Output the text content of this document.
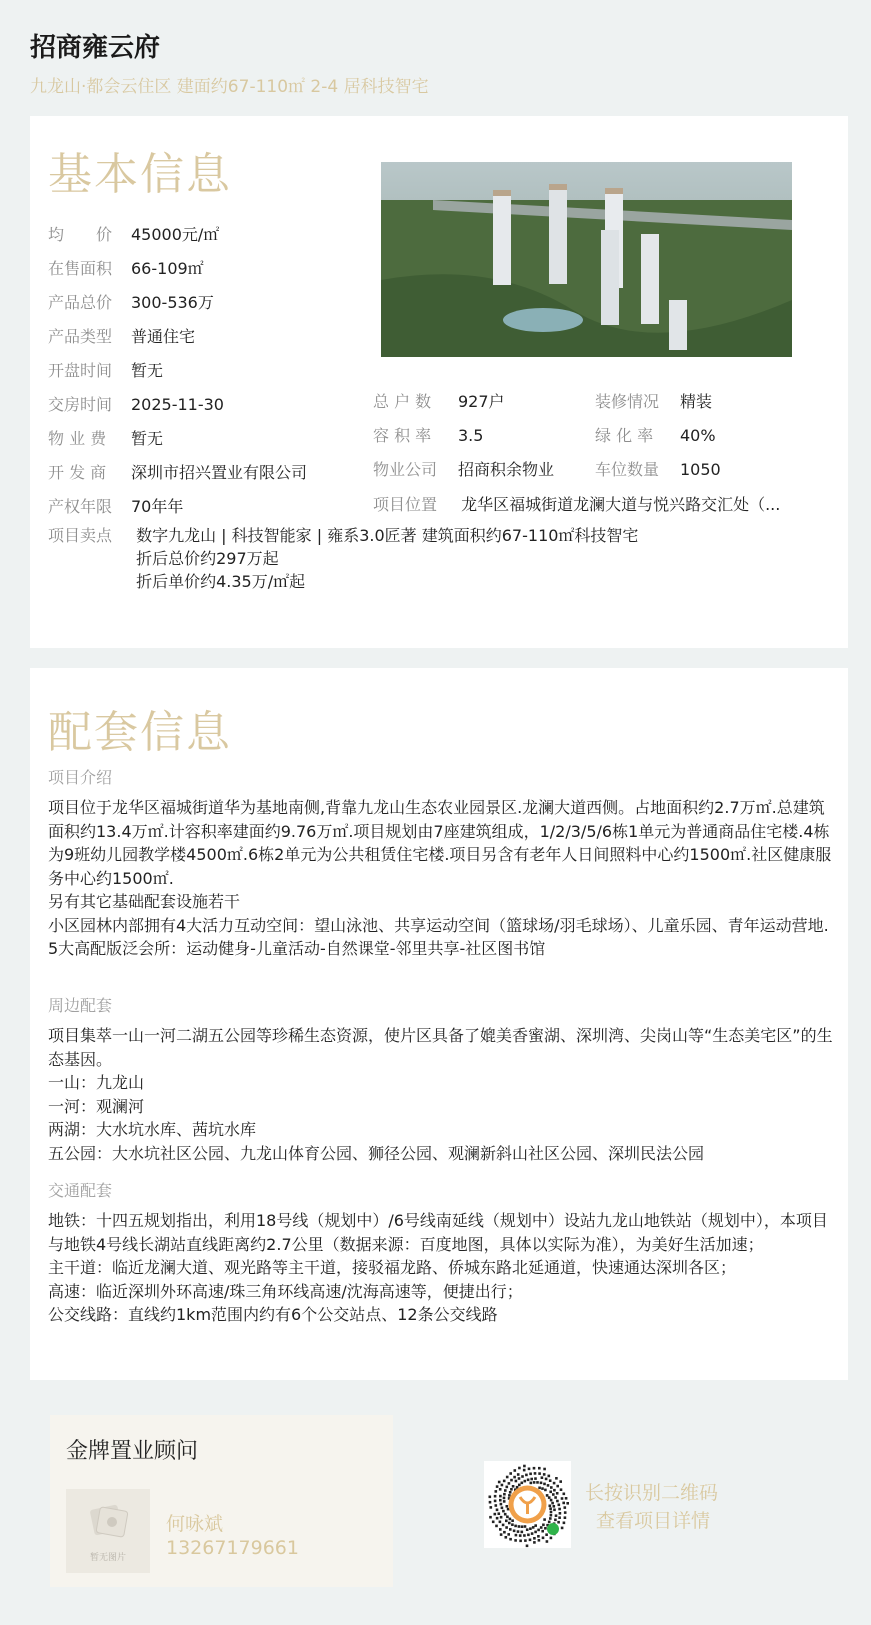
招商雍云府
九龙山·都会云住区 建面约67-110㎡ 2-4 居科技智宅
基本信息
均　　价 45000元/㎡
在售面积 66-109㎡
产品总价 300-536万
产品类型 普通住宅
开盘时间 暂无
交房时间 2025-11-30
物 业 费 暂无
开 发 商 深圳市招兴置业有限公司
产权年限 70年年
总 户 数 927户	装修情况 精装
容 积 率 3.5	绿 化 率 40%
物业公司 招商积余物业	车位数量 1050
项目位置 龙华区福城街道龙澜大道与悦兴路交汇处（...
项目卖点 数字九龙山 | 科技智能家 | 雍系3.0匠著 建筑面积约67-110㎡科技智宅
折后总价约297万起
折后单价约4.35万/㎡起
配套信息
项目介绍
项目位于龙华区福城街道华为基地南侧,背靠九龙山生态农业园景区.龙澜大道西侧。占地面积约2.7万㎡.总建筑面积约13.4万㎡.计容积率建面约9.76万㎡.项目规划由7座建筑组成，1/2/3/5/6栋1单元为普通商品住宅楼.4栋为9班幼儿园教学楼4500㎡.6栋2单元为公共租赁住宅楼.项目另含有老年人日间照料中心约1500㎡.社区健康服务中心约1500㎡.
另有其它基础配套设施若干
小区园林内部拥有4大活力互动空间：望山泳池、共享运动空间（篮球场/羽毛球场）、儿童乐园、青年运动营地.
5大高配版泛会所：运动健身-儿童活动-自然课堂-邻里共享-社区图书馆
周边配套
项目集萃一山一河二湖五公园等珍稀生态资源，使片区具备了媲美香蜜湖、深圳湾、尖岗山等“生态美宅区”的生态基因。
一山：九龙山
一河：观澜河
两湖：大水坑水库、茜坑水库
五公园：大水坑社区公园、九龙山体育公园、狮径公园、观澜新斜山社区公园、深圳民法公园
交通配套
地铁：十四五规划指出，利用18号线（规划中）/6号线南延线（规划中）设站九龙山地铁站（规划中），本项目与地铁4号线长湖站直线距离约2.7公里（数据来源：百度地图，具体以实际为准），为美好生活加速；
主干道：临近龙澜大道、观光路等主干道，接驳福龙路、侨城东路北延通道，快速通达深圳各区；
高速：临近深圳外环高速/珠三角环线高速/沈海高速等，便捷出行；
公交线路：直线约1km范围内约有6个公交站点、12条公交线路
金牌置业顾问
暂无图片
何咏斌
13267179661
长按识别二维码
查看项目详情
